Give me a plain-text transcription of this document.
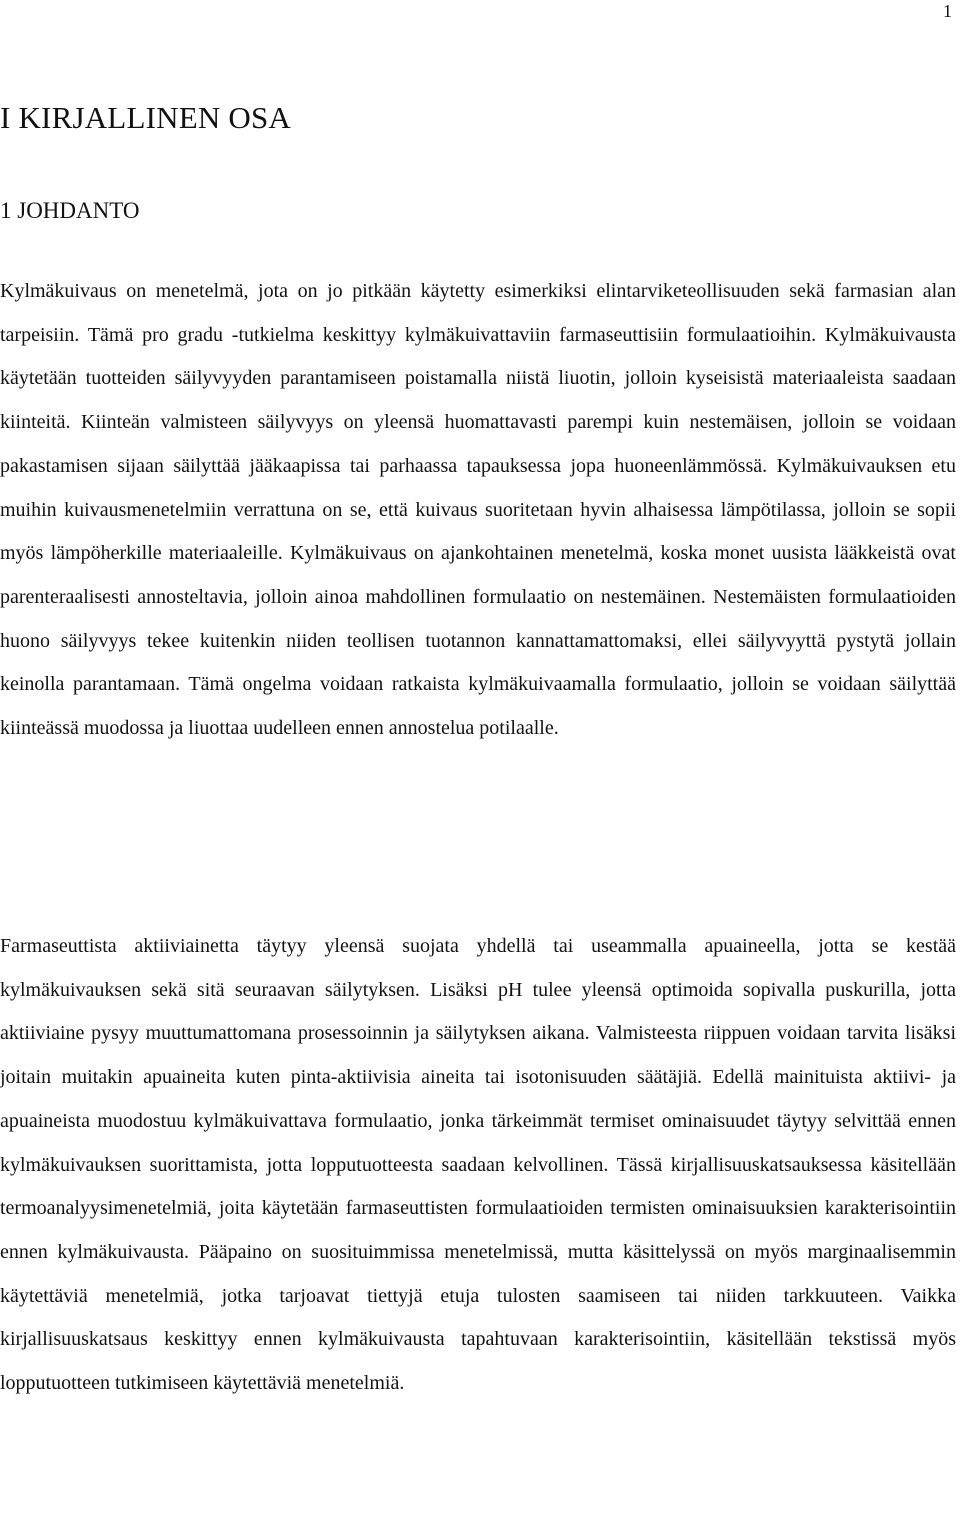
1
I KIRJALLINEN OSA
1 JOHDANTO

Kylmäkuivaus on menetelmä, jota on jo pitkään käytetty esimerkiksi elintarviketeollisuuden sekä farmasian alan tarpeisiin. Tämä pro gradu -tutkielma keskittyy kylmäkuivattaviin farmaseuttisiin formulaatioihin. Kylmäkuivausta käytetään tuotteiden säilyvyyden parantamiseen poistamalla niistä liuotin, jolloin kyseisistä materiaaleista saadaan kiinteitä. Kiinteän valmisteen säilyvyys on yleensä huomattavasti parempi kuin nestemäisen, jolloin se voidaan pakastamisen sijaan säilyttää jääkaapissa tai parhaassa tapauksessa jopa huoneenlämmössä. Kylmäkuivauksen etu muihin kuivausmenetelmiin verrattuna on se, että kuivaus suoritetaan hyvin alhaisessa lämpötilassa, jolloin se sopii myös lämpöherkille materiaaleille. Kylmäkuivaus on ajankohtainen menetelmä, koska monet uusista lääkkeistä ovat parenteraalisesti annosteltavia, jolloin ainoa mahdollinen formulaatio on nestemäinen. Nestemäisten formulaatioiden huono säilyvyys tekee kuitenkin niiden teollisen tuotannon kannattamattomaksi, ellei säilyvyyttä pystytä jollain keinolla parantamaan. Tämä ongelma voidaan ratkaista kylmäkuivaamalla formulaatio, jolloin se voidaan säilyttää kiinteässä muodossa ja liuottaa uudelleen ennen annostelua potilaalle.

Farmaseuttista aktiiviainetta täytyy yleensä suojata yhdellä tai useammalla apuaineella, jotta se kestää kylmäkuivauksen sekä sitä seuraavan säilytyksen. Lisäksi pH tulee yleensä optimoida sopivalla puskurilla, jotta aktiiviaine pysyy muuttumattomana prosessoinnin ja säilytyksen aikana. Valmisteesta riippuen voidaan tarvita lisäksi joitain muitakin apuaineita kuten pinta-aktiivisia aineita tai isotonisuuden säätäjiä. Edellä mainituista aktiivi- ja apuaineista muodostuu kylmäkuivattava formulaatio, jonka tärkeimmät termiset ominaisuudet täytyy selvittää ennen kylmäkuivauksen suorittamista, jotta lopputuotteesta saadaan kelvollinen. Tässä kirjallisuuskatsauksessa käsitellään termoanalyysimenetelmiä, joita käytetään farmaseuttisten formulaatioiden termisten ominaisuuksien karakterisointiin ennen kylmäkuivausta. Pääpaino on suosituimmissa menetelmissä, mutta käsittelyssä on myös marginaalisemmin käytettäviä menetelmiä, jotka tarjoavat tiettyjä etuja tulosten saamiseen tai niiden tarkkuuteen. Vaikka kirjallisuuskatsaus keskittyy ennen kylmäkuivausta tapahtuvaan karakterisointiin, käsitellään tekstissä myös lopputuotteen tutkimiseen käytettäviä menetelmiä.
